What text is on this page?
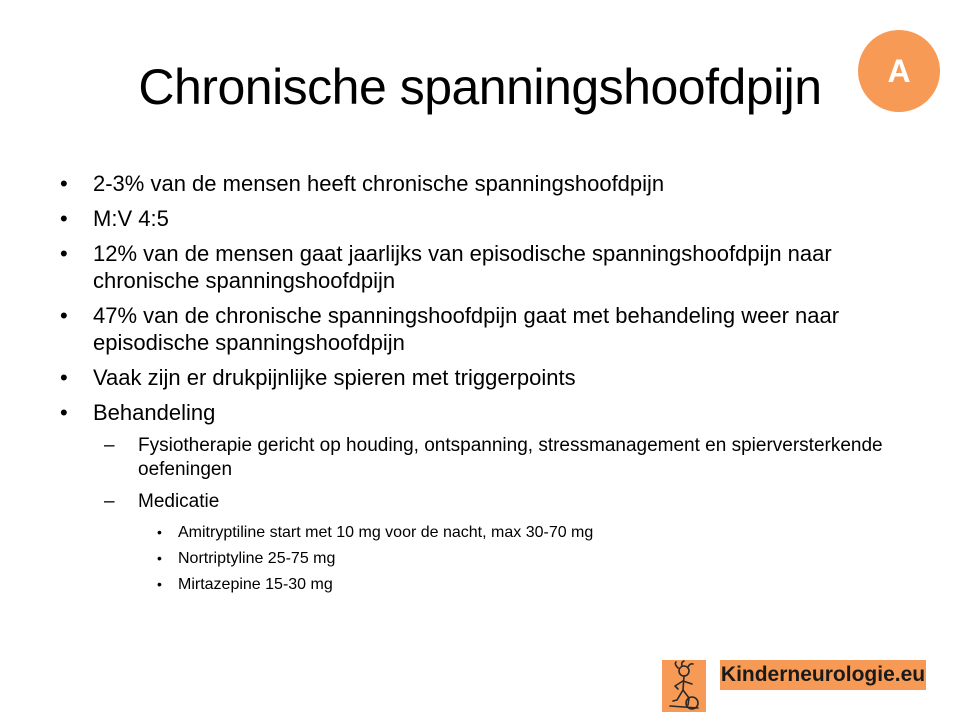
Chronische spanningshoofdpijn	A
• 2-3% van de mensen heeft chronische spanningshoofdpijn
• M:V 4:5
• 12% van de mensen gaat jaarlijks van episodische spanningshoofdpijn naar chronische spanningshoofdpijn
• 47% van de chronische spanningshoofdpijn gaat met behandeling weer naar episodische spanningshoofdpijn
• Vaak zijn er drukpijnlijke spieren met triggerpoints
• Behandeling
– Fysiotherapie gericht op houding, ontspanning, stressmanagement en spierversterkende oefeningen
– Medicatie
• Amitryptiline start met 10 mg voor de nacht, max 30-70 mg
• Nortriptyline 25-75 mg
• Mirtazepine 15-30 mg
Kinderneurologie.eu
